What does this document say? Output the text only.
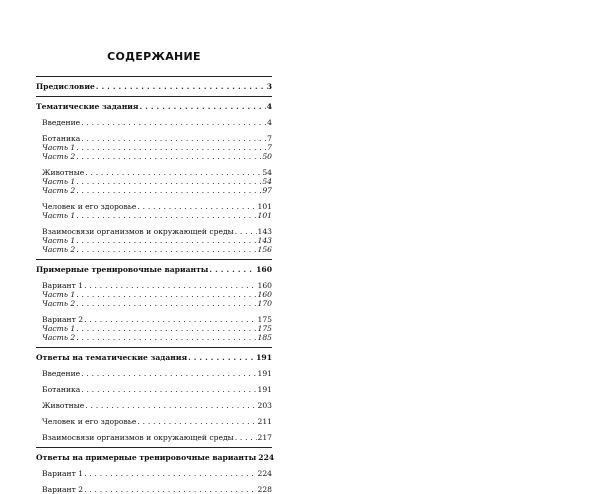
СОДЕРЖАНИЕ
Предисловие . . .	3
Тематические задания . . .	4
Введение . . .	4
Ботаника . . .	7
Часть 1 . . .	7
Часть 2 . . .	50
Животные . . .	54
Часть 1 . . .	54
Часть 2 . . .	97
Человек и его здоровье . . .	101
Часть 1 . . .	101
Взаимосвязи организмов и окружающей среды . . .	143
Часть 1 . . .	143
Часть 2 . . .	156
Примерные тренировочные варианты . . .	160
Вариант 1 . . .	160
Часть 1 . . .	160
Часть 2 . . .	170
Вариант 2 . . .	175
Часть 1 . . .	175
Часть 2 . . .	185
Ответы на тематические задания . . .	191
Введение . . .	191
Ботаника . . .	191
Животные . . .	203
Человек и его здоровье . . .	211
Взаимосвязи организмов и окружающей среды . . .	217
Ответы на примерные тренировочные варианты 224
Вариант 1 . . .	224
Вариант 2 . . .	228
